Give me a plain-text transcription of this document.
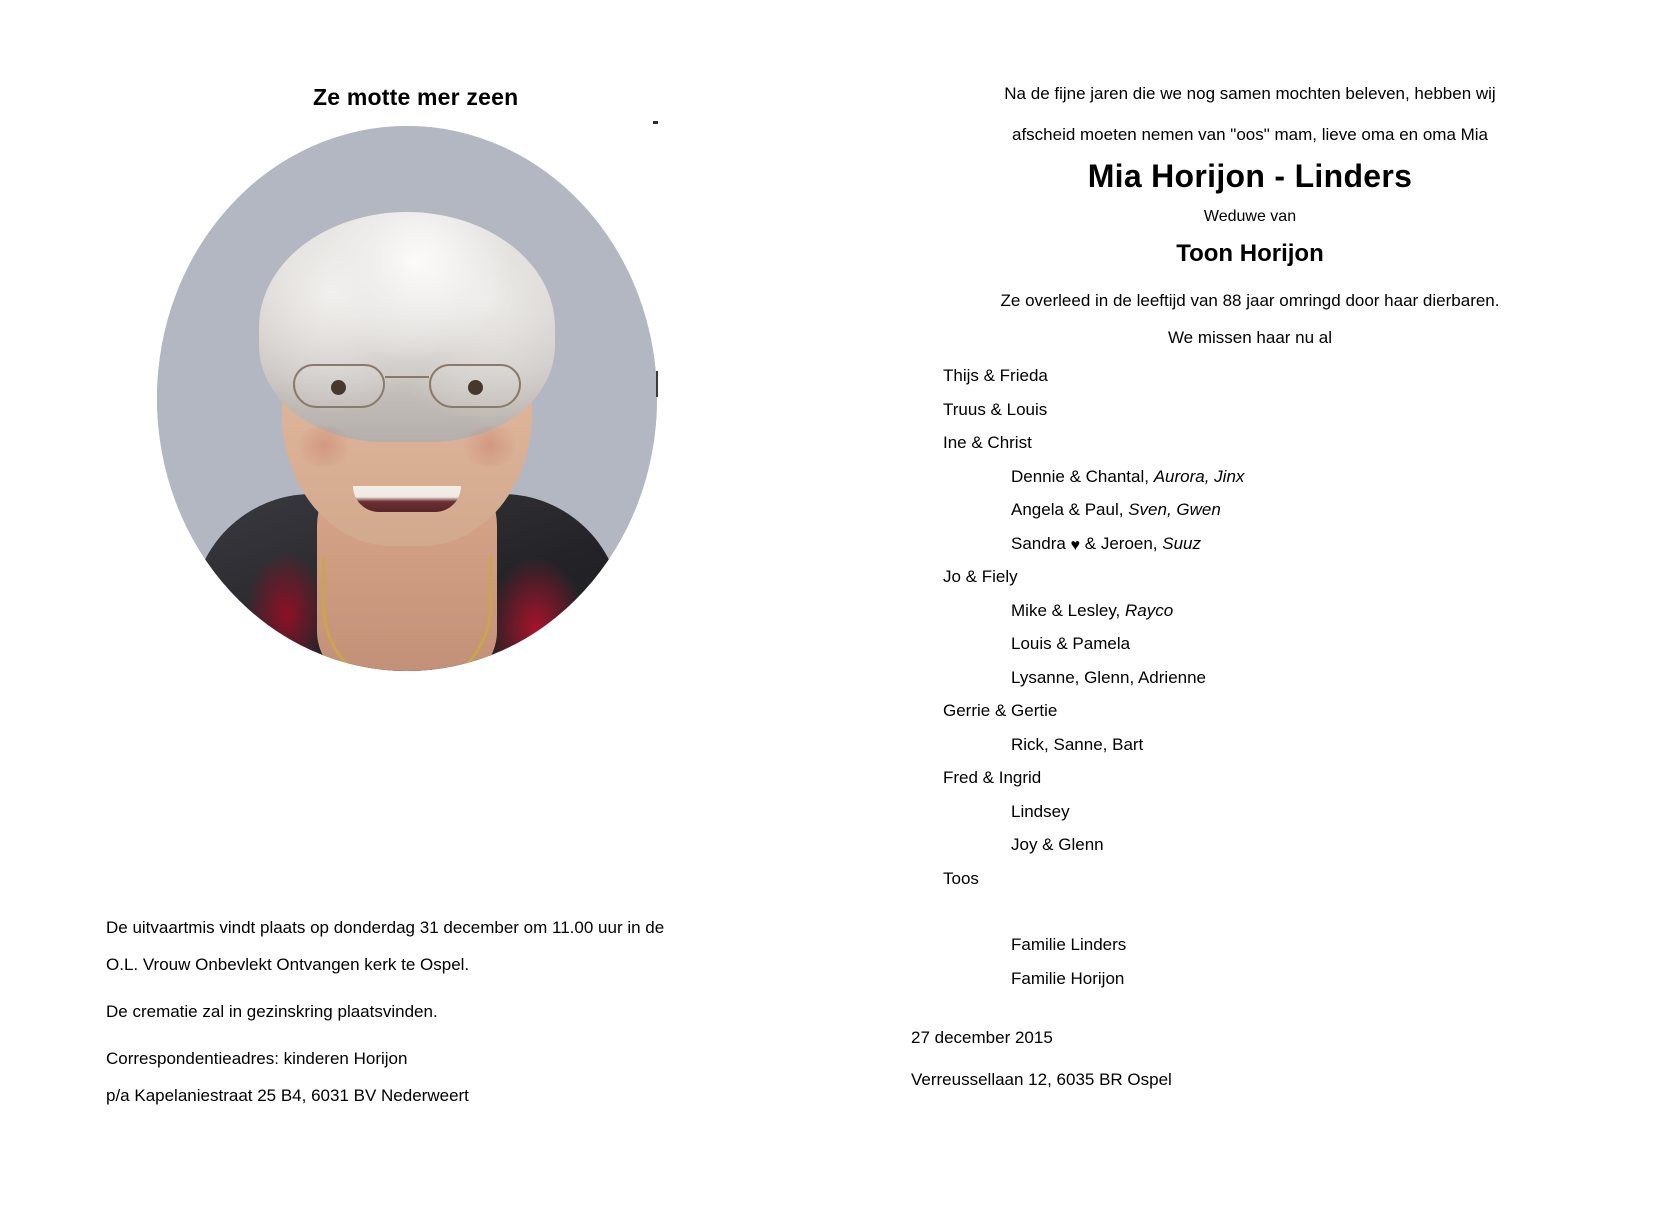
Ze motte mer zeen

De uitvaartmis vindt plaats op donderdag 31 december om 11.00 uur in de
O.L. Vrouw Onbevlekt Ontvangen kerk te Ospel.

De crematie zal in gezinskring plaatsvinden.

Correspondentieadres: kinderen Horijon
p/a Kapelaniestraat 25 B4, 6031 BV Nederweert

Na de fijne jaren die we nog samen mochten beleven, hebben wij
afscheid moeten nemen van "oos" mam, lieve oma en oma Mia
Mia Horijon - Linders
Weduwe van
Toon Horijon
Ze overleed in de leeftijd van 88 jaar omringd door haar dierbaren.
We missen haar nu al
Thijs & Frieda
Truus & Louis
Ine & Christ
Dennie & Chantal, Aurora, Jinx
Angela & Paul, Sven, Gwen
Sandra ♥ & Jeroen, Suuz
Jo & Fiely
Mike & Lesley, Rayco
Louis & Pamela
Lysanne, Glenn, Adrienne
Gerrie & Gertie
Rick, Sanne, Bart
Fred & Ingrid
Lindsey
Joy & Glenn
Toos
Familie Linders
Familie Horijon
27 december 2015
Verreussellaan 12, 6035 BR Ospel
